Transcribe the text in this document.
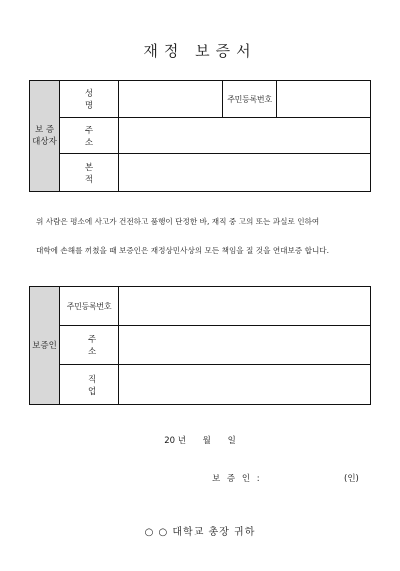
재정 보증서
보 증
대상자	성 명		주민등록번호	
	주 소			
	본 적			
위 사람은 평소에 사고가 건전하고 품행이 단정한 바, 재직 중 고의 또는 과실로 인하여
대학에 손해를 끼쳤을 때 보증인은 재정상민사상의 모든 책임을 질 것을 연대보증 합니다.
보증인	주민등록번호	
	주 소	
	직 업	
20 년 월 일
보 증 인 :	(인)
○ ○ 대학교 총장 귀하
